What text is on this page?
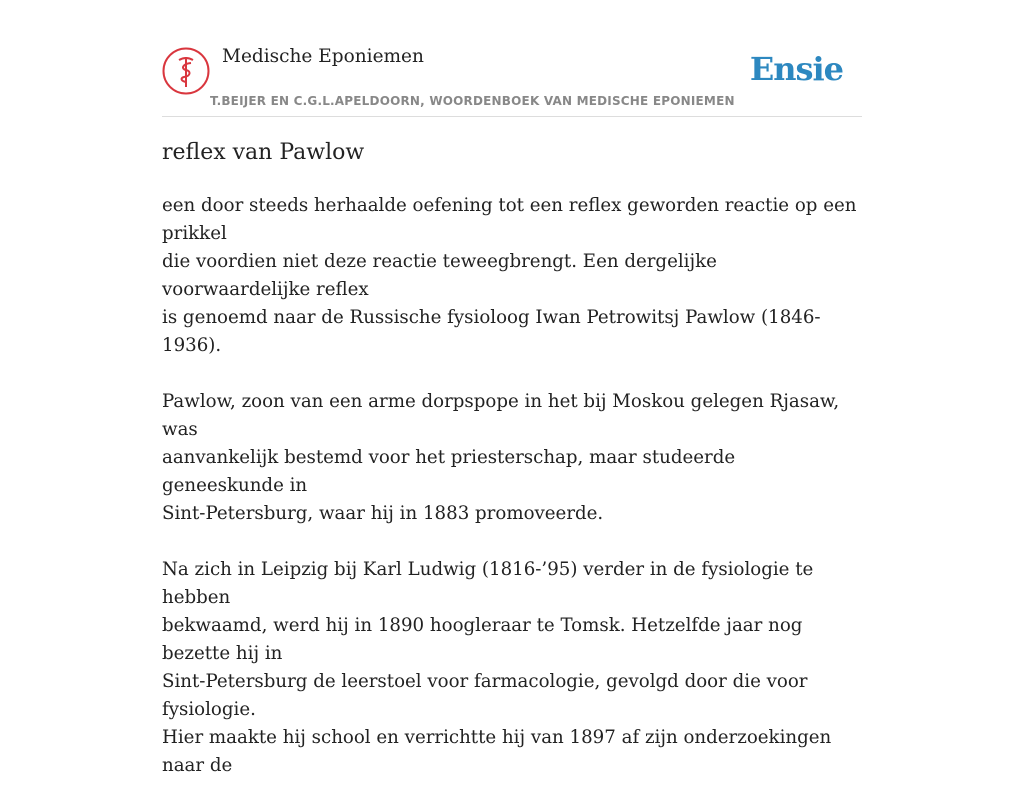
Medische Eponiemen
T.BEIJER EN C.G.L.APELDOORN, WOORDENBOEK VAN MEDISCHE EPONIEMEN
Ensie
reflex van Pawlow

een door steeds herhaalde oefening tot een reflex geworden reactie op een prikkel
die voordien niet deze reactie teweegbrengt. Een dergelijke voorwaardelijke reflex
is genoemd naar de Russische fysioloog Iwan Petrowitsj Pawlow (1846-1936).

Pawlow, zoon van een arme dorpspope in het bij Moskou gelegen Rjasaw, was
aanvankelijk bestemd voor het priesterschap, maar studeerde geneeskunde in
Sint-Petersburg, waar hij in 1883 promoveerde.

Na zich in Leipzig bij Karl Ludwig (1816-’95) verder in de fysiologie te hebben
bekwaamd, werd hij in 1890 hoogleraar te Tomsk. Hetzelfde jaar nog bezette hij in
Sint-Petersburg de leerstoel voor farmacologie, gevolgd door die voor fysiologie.
Hier maakte hij school en verrichtte hij van 1897 af zijn onderzoekingen naar de
